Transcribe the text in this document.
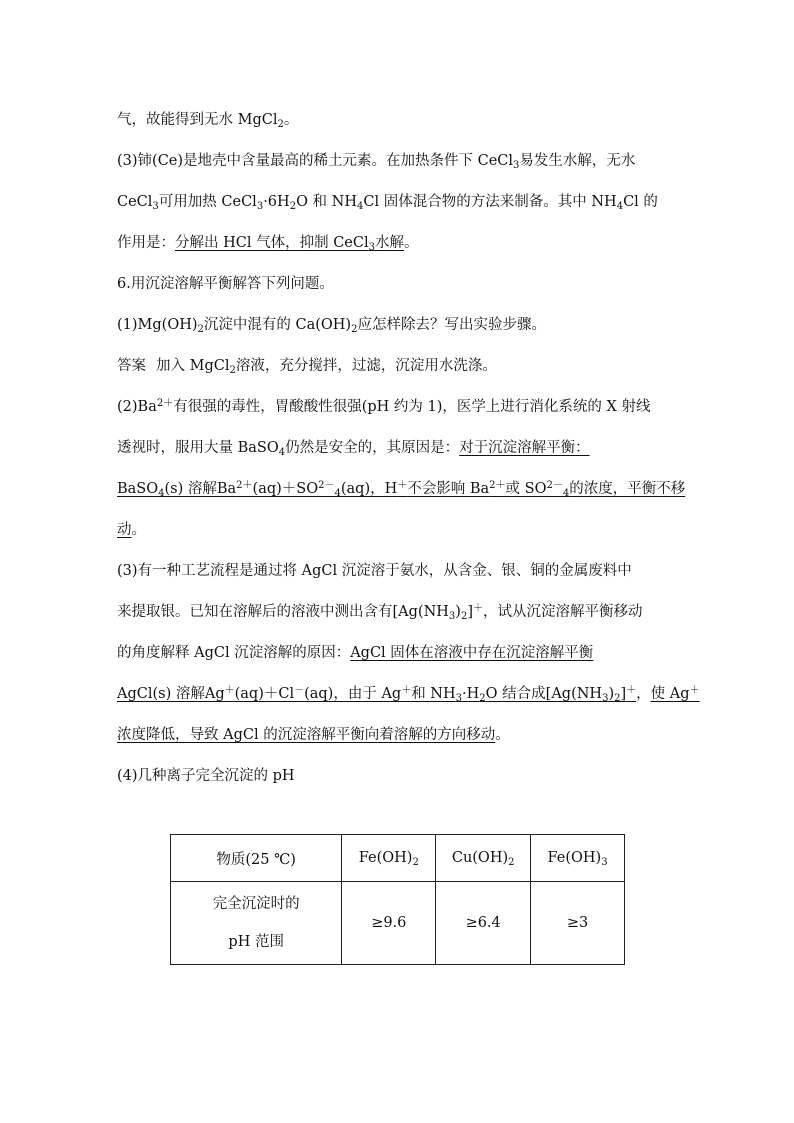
气，故能得到无水 MgCl$_2$。
(3)铈(Ce)是地壳中含量最高的稀土元素。在加热条件下 CeCl$_3$易发生水解，无水
CeCl$_3$可用加热 $CeCl_3\cdot 6H_2O$ 和 $NH_4Cl$ 固体混合物的方法来制备。其中 $NH_4Cl$ 的
作用是：分解出 HCl 气体，抑制 CeCl$_3$水解。
6.用沉淀溶解平衡解答下列问题。
$(1)Mg(OH)_2$沉淀中混有的 $Ca(OH)_2$应怎样除去？写出实验步骤。
答案 加入 MgCl$_2$溶液，充分搅拌，过滤，沉淀用水洗涤。
$(2)Ba^{2+}$有很强的毒性，胃酸酸性很强(pH 约为 1)，医学上进行消化系统的 X 射线
透视时，服用大量 BaSO$_4$仍然是安全的，其原因是：对于沉淀溶解平衡：
BaSO$_4$(s) 溶解$Ba^{2+}(aq)+SO^{2-}_4(aq)$，H＋不会影响 $Ba^{2+}$或 $SO^{2-}_4$的浓度，平衡不移
动。
(3)有一种工艺流程是通过将 AgCl 沉淀溶于氨水，从含金、银、铜的金属废料中
来提取银。已知在溶解后的溶液中测出含有$[Ag(NH_3)_2]^+$，试从沉淀溶解平衡移动
的角度解释 AgCl 沉淀溶解的原因：AgCl 固体在溶液中存在沉淀溶解平衡
AgCl(s) 溶解Ag＋(aq)＋Cl－(aq)，由于 Ag＋和 $NH_3\cdot H_2O$ 结合成$[Ag(NH_3)_2]^+$，使 Ag＋
浓度降低，导致 AgCl 的沉淀溶解平衡向着溶解的方向移动。
(4)几种离子完全沉淀的 pH
物质(25 ℃)	$Fe(OH)_2$	$Cu(OH)_2$	$Fe(OH)_3$

完全沉淀时的
pH 范围	≥9.6	≥6.4	≥3
